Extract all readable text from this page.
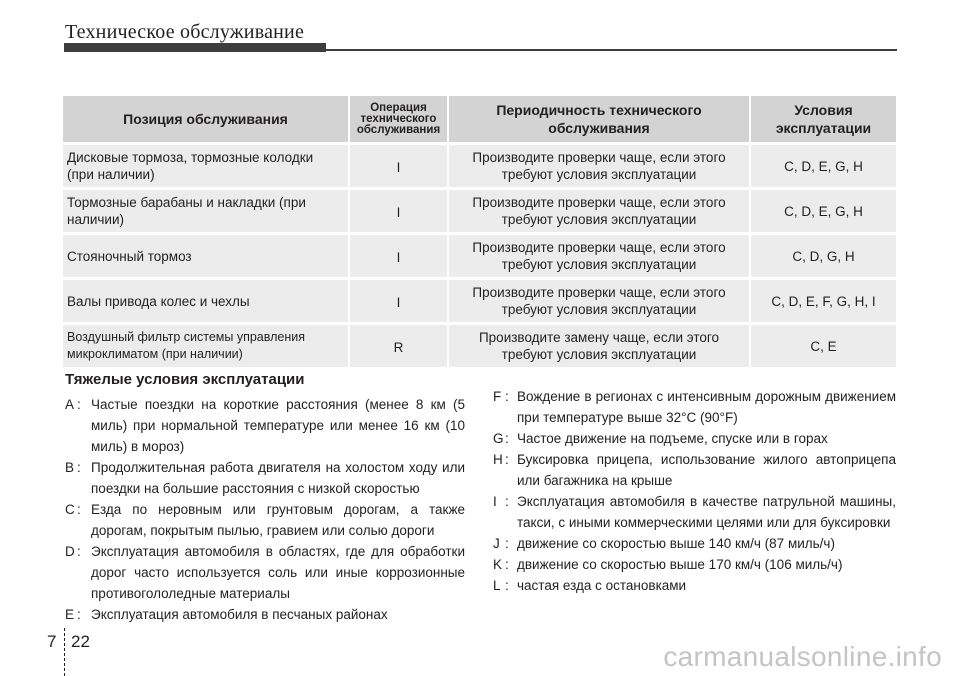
Техническое обслуживание
Позиция обслуживания	Операция технического обслуживания	Периодичность технического обслуживания	Условия эксплуатации
Дисковые тормоза, тормозные колодки (при наличии)	I	Производите проверки чаще, если этого требуют условия эксплуатации	C, D, E, G, H
Тормозные барабаны и накладки (при наличии)	I	Производите проверки чаще, если этого требуют условия эксплуатации	C, D, E, G, H
Стояночный тормоз	I	Производите проверки чаще, если этого требуют условия эксплуатации	C, D, G, H
Валы привода колес и чехлы	I	Производите проверки чаще, если этого требуют условия эксплуатации	C, D, E, F, G, H, I
Воздушный фильтр системы управления микроклиматом (при наличии)	R	Производите замену чаще, если этого требуют условия эксплуатации	C, E
Тяжелые условия эксплуатации
A : Частые поездки на короткие расстояния (менее 8 км (5 миль) при нормальной температуре или менее 16 км (10 миль) в мороз)
B : Продолжительная работа двигателя на холостом ходу или поездки на большие расстояния с низкой скоростью
C : Езда по неровным или грунтовым дорогам, а также дорогам, покрытым пылью, гравием или солью дороги
D : Эксплуатация автомобиля в областях, где для обработки дорог часто используется соль или иные коррозионные противогололедные материалы
E : Эксплуатация автомобиля в песчаных районах
F : Вождение в регионах с интенсивным дорожным движением при температуре выше 32°C (90°F)
G : Частое движение на подъеме, спуске или в горах
H : Буксировка прицепа, использование жилого автоприцепа или багажника на крыше
I : Эксплуатация автомобиля в качестве патрульной машины, такси, с иными коммерческими целями или для буксировки
J : движение со скоростью выше 140 км/ч (87 миль/ч)
K : движение со скоростью выше 170 км/ч (106 миль/ч)
L : частая езда с остановками
7 22	carmanualsonline.info
